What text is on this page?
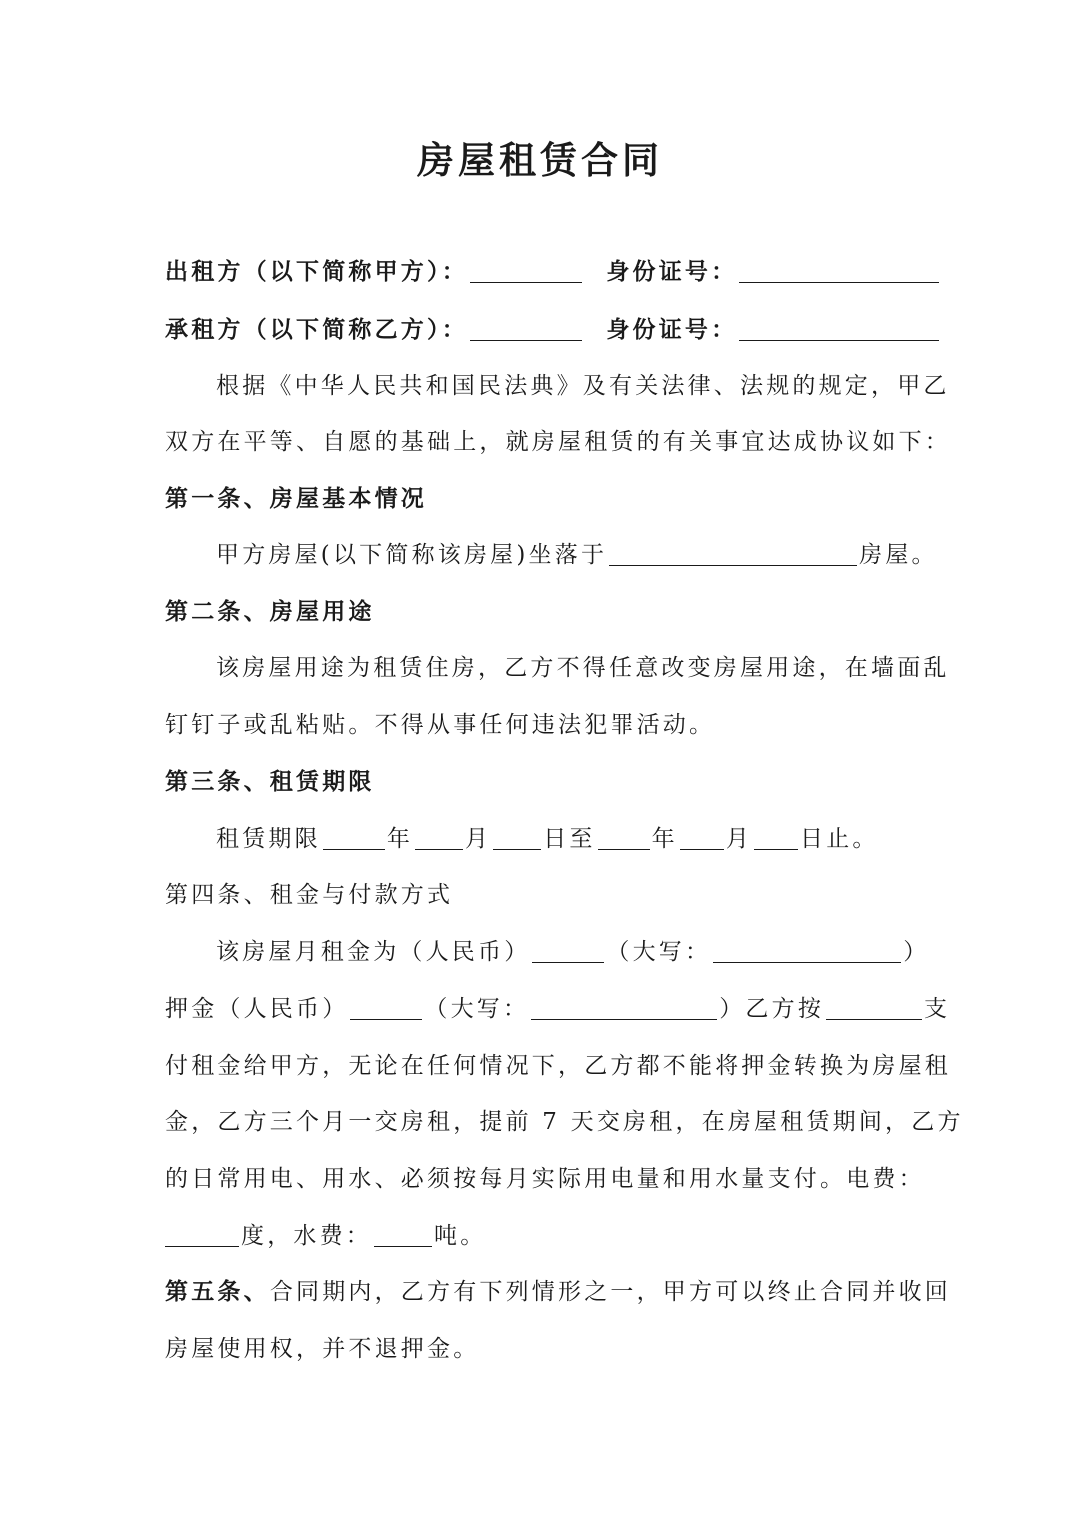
房屋租赁合同
出租方（以下简称甲方）：	身份证号：
承租方（以下简称乙方）：	身份证号：
根据《中华人民共和国民法典》及有关法律、法规的规定，甲乙
双方在平等、自愿的基础上，就房屋租赁的有关事宜达成协议如下：
第一条、房屋基本情况
甲方房屋(以下简称该房屋)坐落于	房屋。
第二条、房屋用途
该房屋用途为租赁住房，乙方不得任意改变房屋用途，在墙面乱
钉钉子或乱粘贴。不得从事任何违法犯罪活动。
第三条、租赁期限
租赁期限	年 月 日至 年 月 日止。
第四条、租金与付款方式
该房屋月租金为（人民币）	（大写：	）
押金（人民币）	（大写：	）乙方按	支
付租金给甲方，无论在任何情况下，乙方都不能将押金转换为房屋租
金，乙方三个月一交房租，提前 7 天交房租，在房屋租赁期间，乙方
的日常用电、用水、必须按每月实际用电量和用水量支付。电费：
度，水费：	吨。
第五条、合同期内，乙方有下列情形之一，甲方可以终止合同并收回
房屋使用权，并不退押金。
